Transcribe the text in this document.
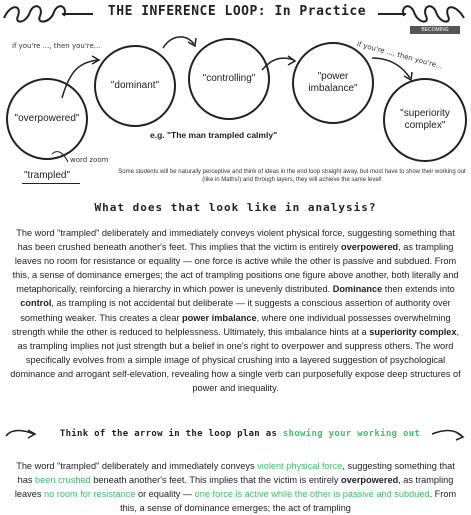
THE INFERENCE LOOP: In Practice
BECOMING ENGLISH
if you're ..., then you're...	if you're ..., then you're...
"overpowered"
"dominant"
"controlling"	"power imbalance"
"superiority complex"
e.g. "The man trampled calmly"
word zoom
"trampled"	Some students will be naturally perceptive and think of ideas in the end loop straight away, but most have to show their working out (like in Maths!) and through layers, they will achieve the same level!
What does that look like in analysis?
The word "trampled" deliberately and immediately conveys violent physical force, suggesting something that has been crushed beneath another's feet. This implies that the victim is entirely overpowered, as trampling leaves no room for resistance or equality — one force is active while the other is passive and subdued. From this, a sense of dominance emerges; the act of trampling positions one figure above another, both literally and metaphorically, reinforcing a hierarchy in which power is unevenly distributed. Dominance then extends into control, as trampling is not accidental but deliberate — it suggests a conscious assertion of authority over something weaker. This creates a clear power imbalance, where one individual possesses overwhelming strength while the other is reduced to helplessness. Ultimately, this imbalance hints at a superiority complex, as trampling implies not just strength but a belief in one's right to overpower and suppress others. The word specifically evolves from a simple image of physical crushing into a layered suggestion of psychological dominance and arrogant self-elevation, revealing how a single verb can purposefully expose deep structures of power and inequality.
Think of the arrow in the loop plan as showing your working out
The word "trampled" deliberately and immediately conveys violent physical force, suggesting something that has been crushed beneath another's feet. This implies that the victim is entirely overpowered, as trampling leaves no room for resistance or equality — one force is active while the other is passive and subdued. From this, a sense of dominance emerges; the act of trampling
